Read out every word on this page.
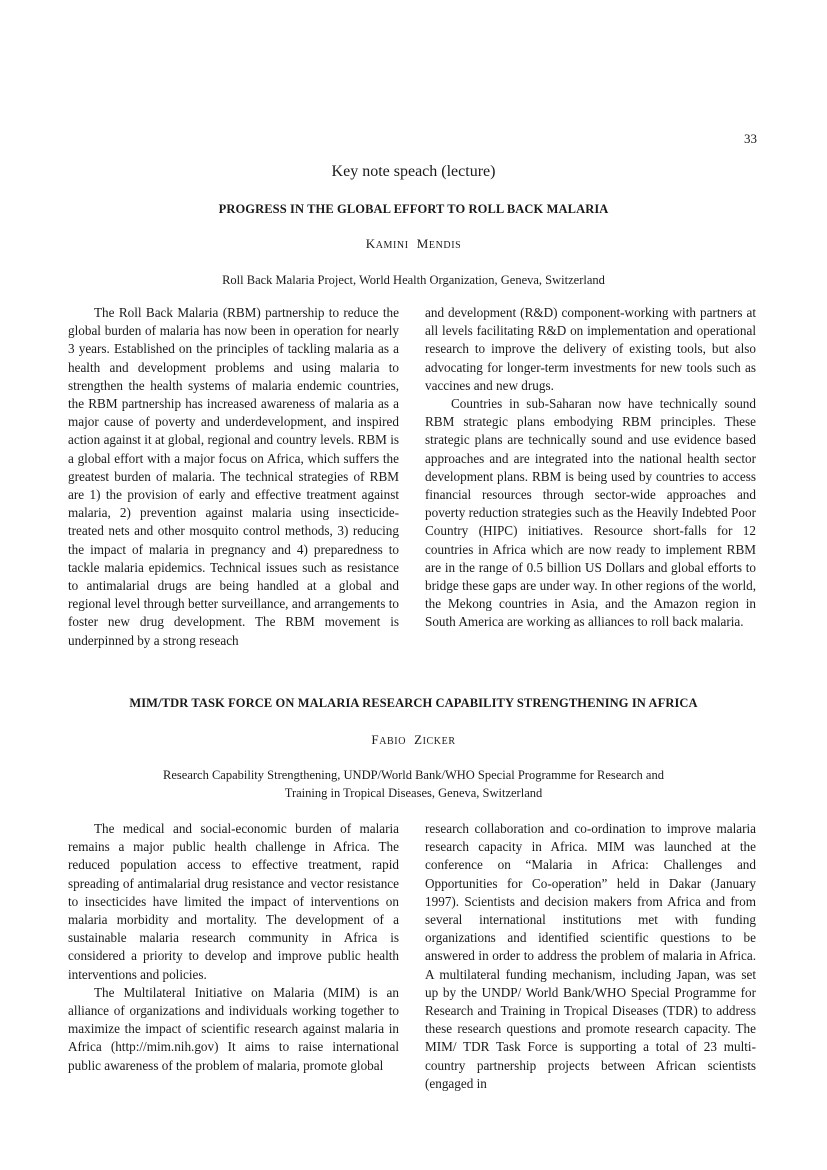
33
Key note speach (lecture)
PROGRESS IN THE GLOBAL EFFORT TO ROLL BACK MALARIA
KAMINI MENDIS
Roll Back Malaria Project, World Health Organization, Geneva, Switzerland

The Roll Back Malaria (RBM) partnership to reduce the global burden of malaria has now been in operation for nearly 3 years. Established on the principles of tackling malaria as a health and development problems and using malaria to strengthen the health systems of malaria endemic countries, the RBM partnership has increased awareness of malaria as a major cause of poverty and underdevelopment, and inspired action against it at global, regional and country levels. RBM is a global effort with a major focus on Africa, which suffers the greatest burden of malaria. The technical strategies of RBM are 1) the provision of early and effective treatment against malaria, 2) prevention against malaria using insecticide-treated nets and other mosquito control methods, 3) reducing the impact of malaria in pregnancy and 4) preparedness to tackle malaria epidemics. Technical issues such as resistance to antimalarial drugs are being handled at a global and regional level through better surveillance, and arrangements to foster new drug development. The RBM movement is underpinned by a strong reseach

and development (R&D) component-working with partners at all levels facilitating R&D on implementation and operational research to improve the delivery of existing tools, but also advocating for longer-term investments for new tools such as vaccines and new drugs.

Countries in sub-Saharan now have technically sound RBM strategic plans embodying RBM principles. These strategic plans are technically sound and use evidence based approaches and are integrated into the national health sector development plans. RBM is being used by countries to access financial resources through sector-wide approaches and poverty reduction strategies such as the Heavily Indebted Poor Country (HIPC) initiatives. Resource short-falls for 12 countries in Africa which are now ready to implement RBM are in the range of 0.5 billion US Dollars and global efforts to bridge these gaps are under way. In other regions of the world, the Mekong countries in Asia, and the Amazon region in South America are working as alliances to roll back malaria.

MIM/TDR TASK FORCE ON MALARIA RESEARCH CAPABILITY STRENGTHENING IN AFRICA
FABIO ZICKER
Research Capability Strengthening, UNDP/World Bank/WHO Special Programme for Research and
Training in Tropical Diseases, Geneva, Switzerland

The medical and social-economic burden of malaria remains a major public health challenge in Africa. The reduced population access to effective treatment, rapid spreading of antimalarial drug resistance and vector resistance to insecticides have limited the impact of interventions on malaria morbidity and mortality. The development of a sustainable malaria research community in Africa is considered a priority to develop and improve public health interventions and policies.

The Multilateral Initiative on Malaria (MIM) is an alliance of organizations and individuals working together to maximize the impact of scientific research against malaria in Africa (http://mim.nih.gov) It aims to raise international public awareness of the problem of malaria, promote global

research collaboration and co-ordination to improve malaria research capacity in Africa. MIM was launched at the conference on “Malaria in Africa: Challenges and Opportunities for Co-operation” held in Dakar (January 1997). Scientists and decision makers from Africa and from several international institutions met with funding organizations and identified scientific questions to be answered in order to address the problem of malaria in Africa. A multilateral funding mechanism, including Japan, was set up by the UNDP/ World Bank/WHO Special Programme for Research and Training in Tropical Diseases (TDR) to address these research questions and promote research capacity. The MIM/ TDR Task Force is supporting a total of 23 multi-country partnership projects between African scientists (engaged in
